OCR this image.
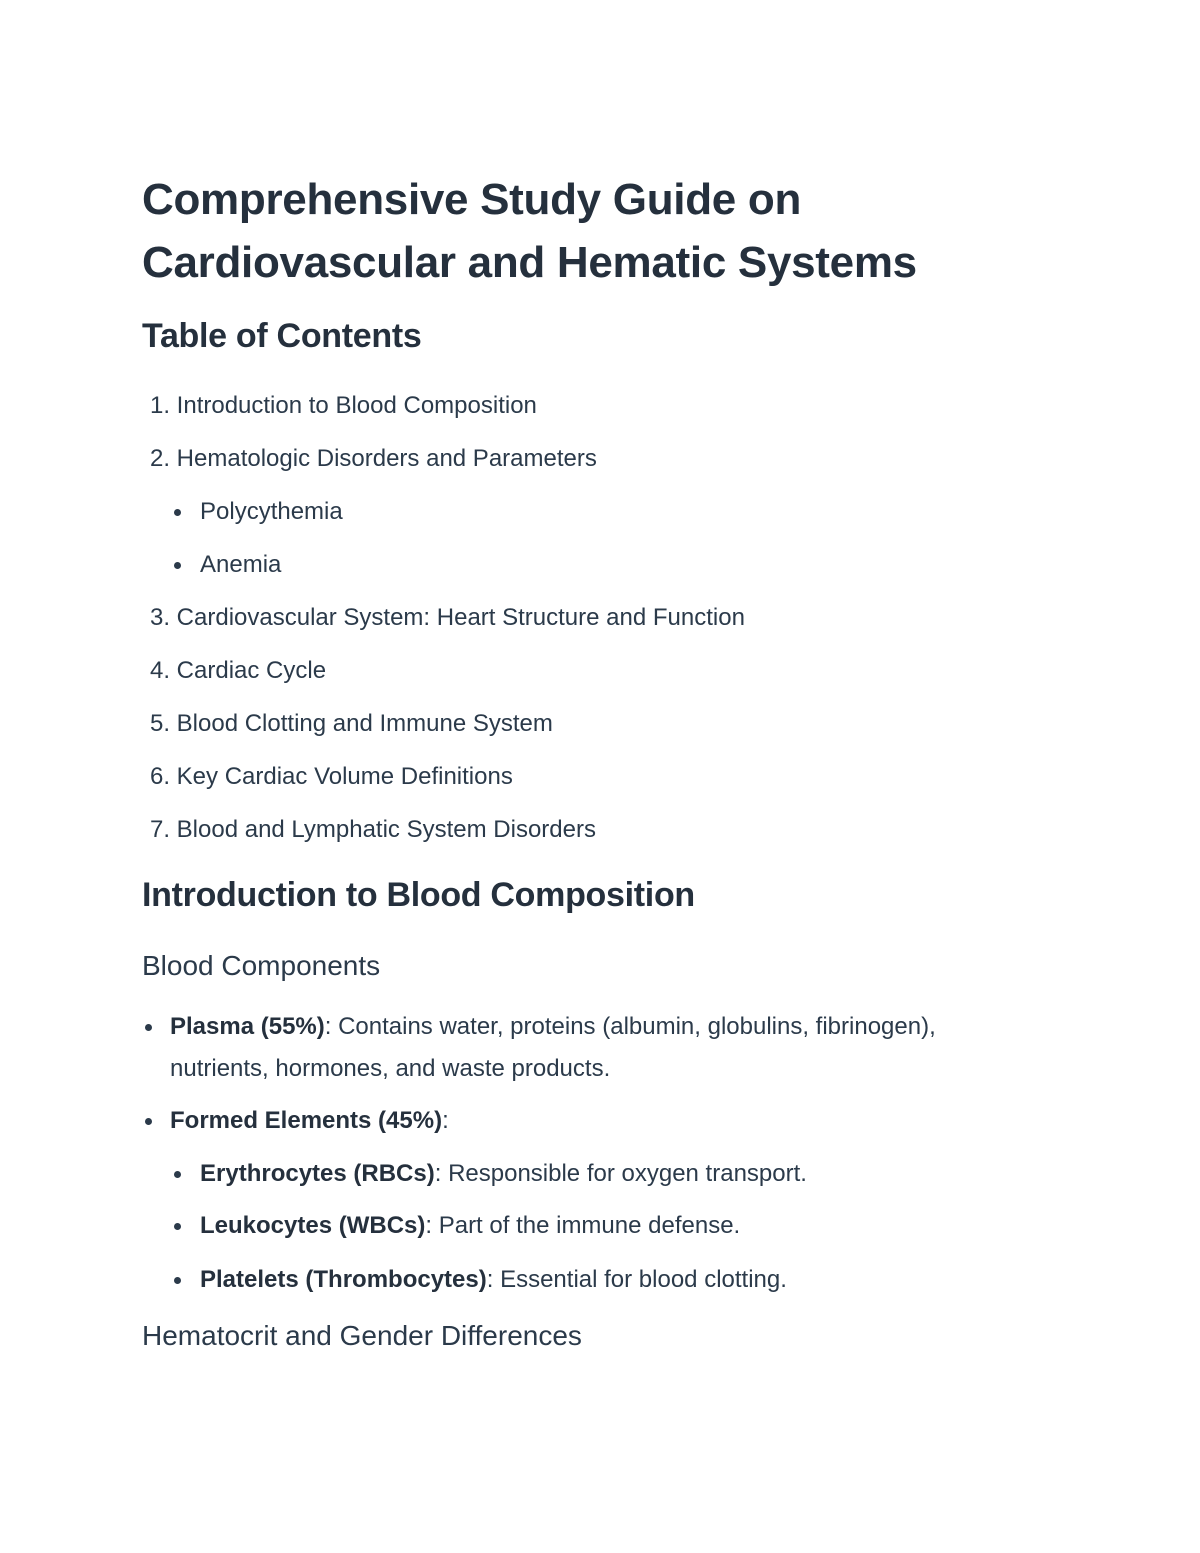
Comprehensive Study Guide on
Cardiovascular and Hematic Systems
Table of Contents
1. Introduction to Blood Composition
2. Hematologic Disorders and Parameters
Polycythemia
Anemia
3. Cardiovascular System: Heart Structure and Function
4. Cardiac Cycle
5. Blood Clotting and Immune System
6. Key Cardiac Volume Definitions
7. Blood and Lymphatic System Disorders
Introduction to Blood Composition
Blood Components
Plasma (55%): Contains water, proteins (albumin, globulins, fibrinogen),
nutrients, hormones, and waste products.
Formed Elements (45%):
Erythrocytes (RBCs): Responsible for oxygen transport.
Leukocytes (WBCs): Part of the immune defense.
Platelets (Thrombocytes): Essential for blood clotting.
Hematocrit and Gender Differences
